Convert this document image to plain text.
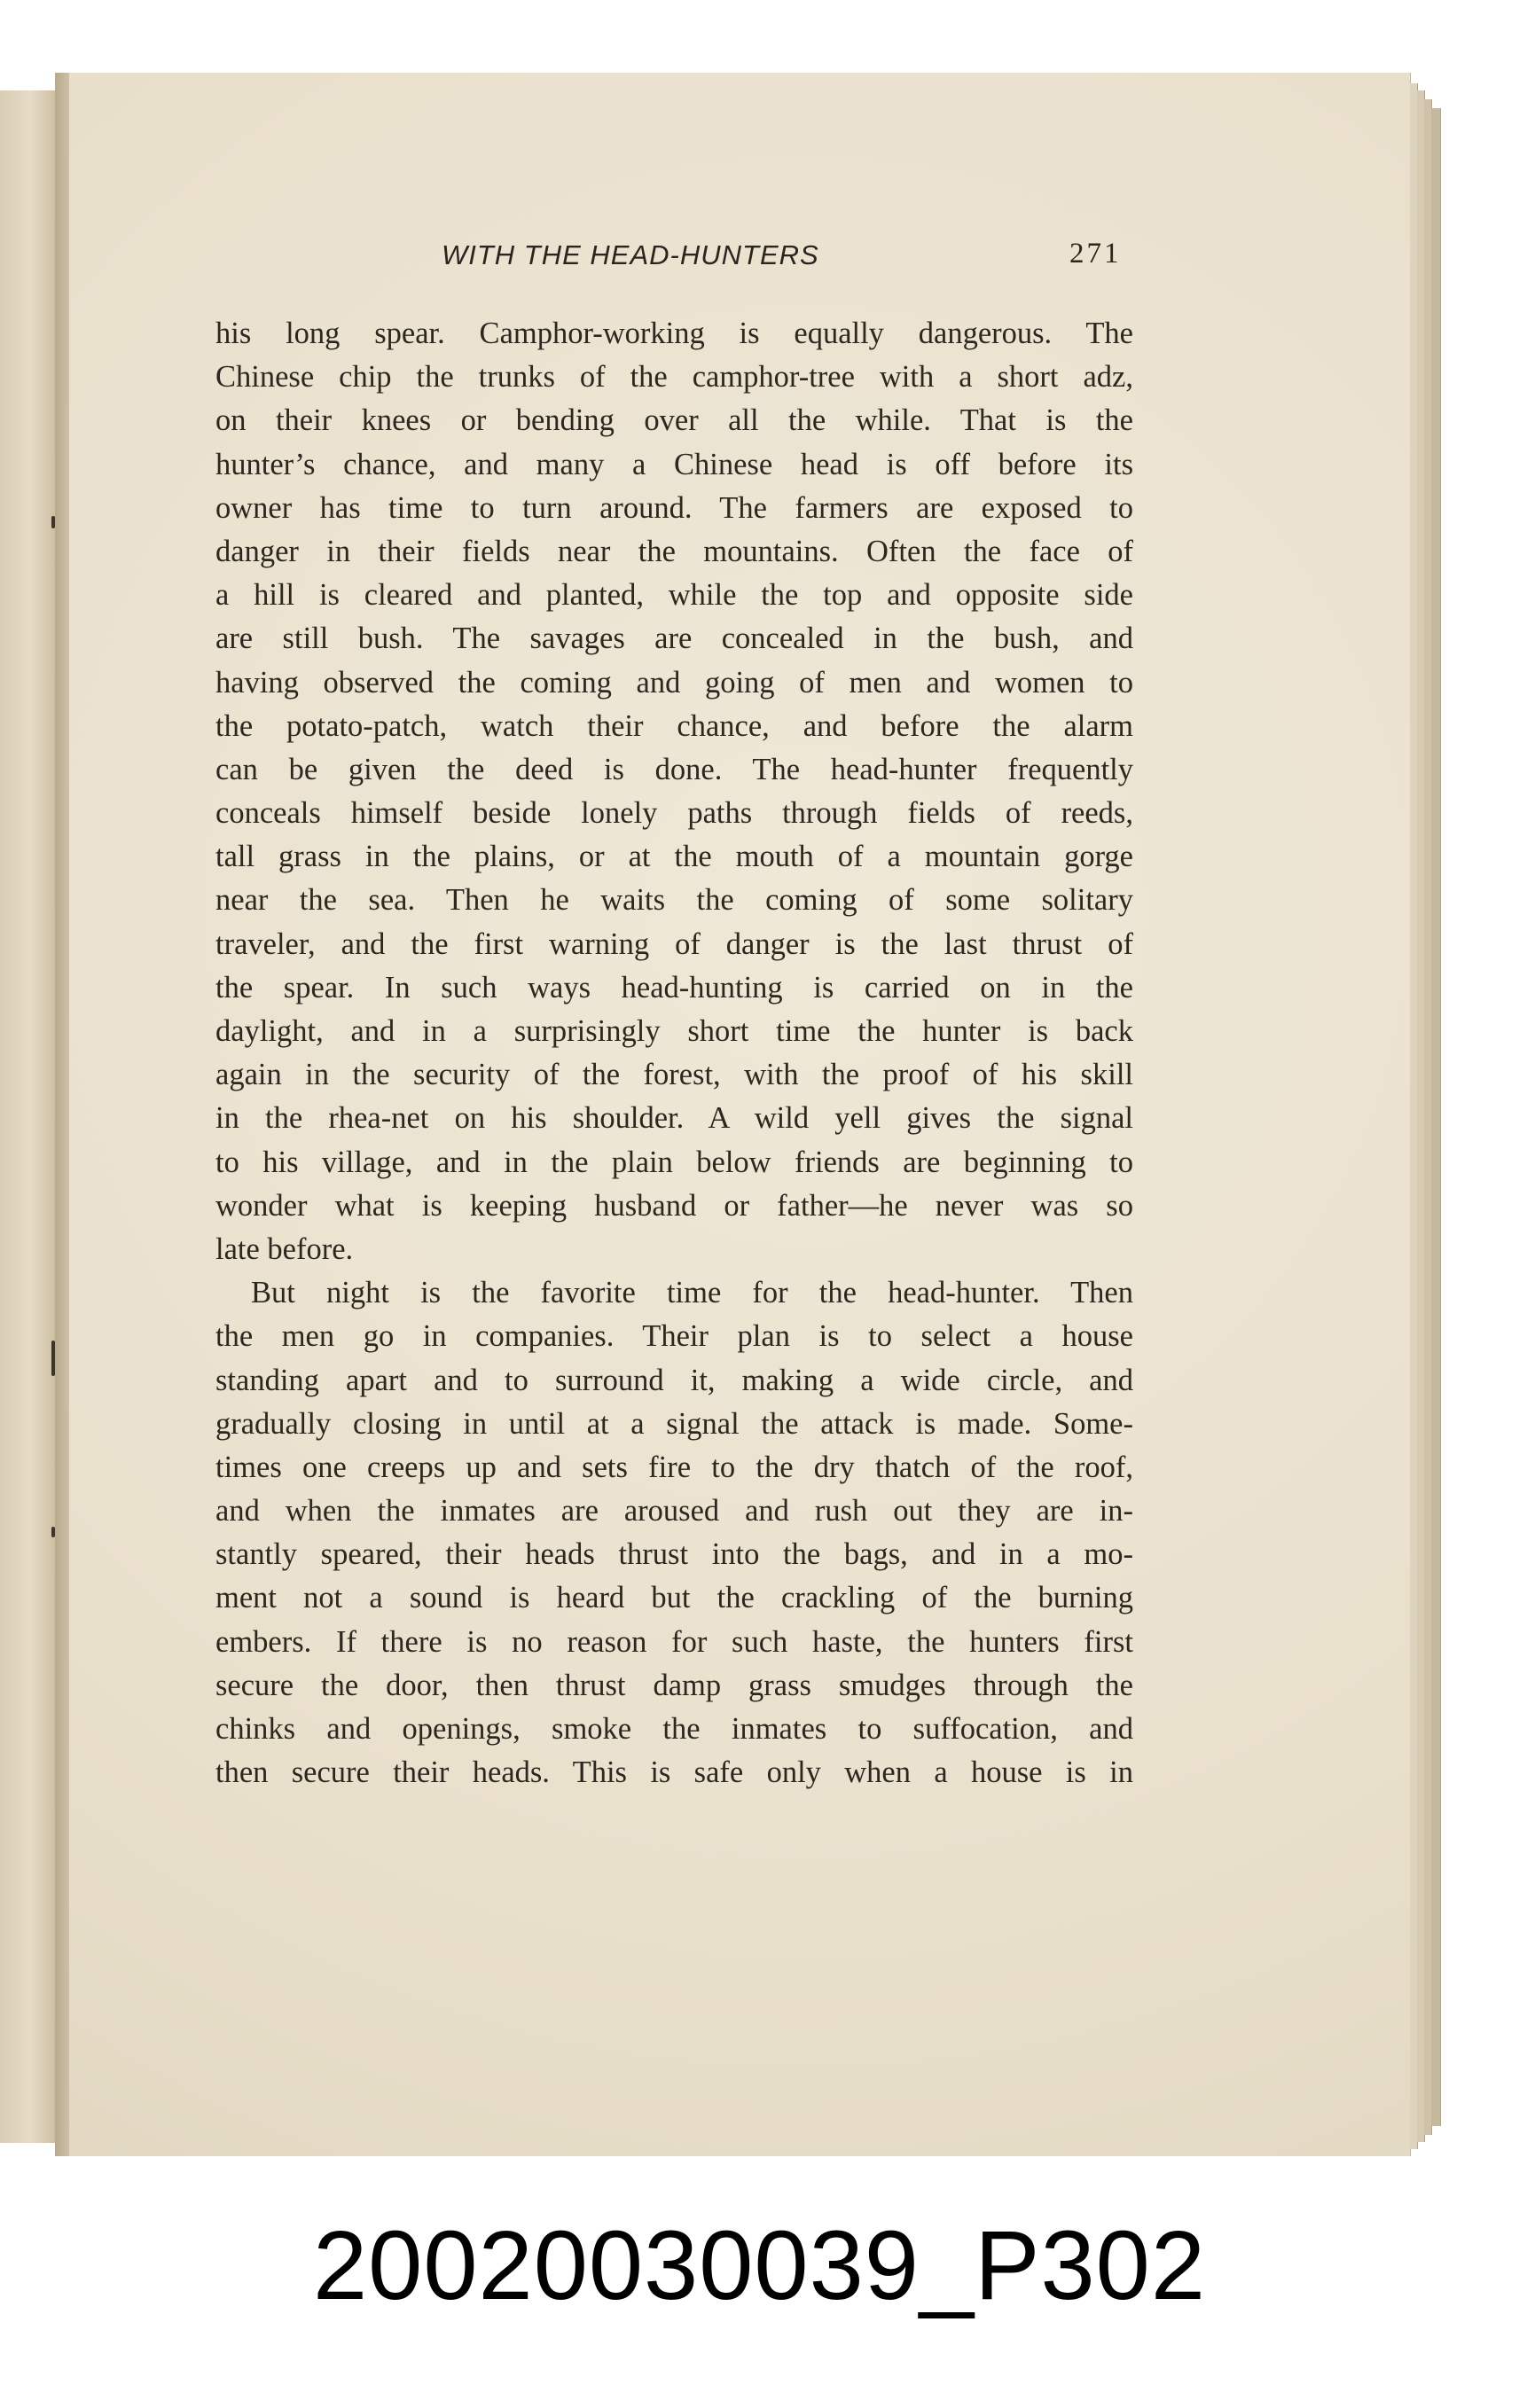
WITH THE HEAD-HUNTERS	271
his long spear. Camphor-working is equally dangerous. The
Chinese chip the trunks of the camphor-tree with a short adz,
on their knees or bending over all the while. That is the
hunter’s chance, and many a Chinese head is off before its
owner has time to turn around. The farmers are exposed to
danger in their fields near the mountains. Often the face of
a hill is cleared and planted, while the top and opposite side
are still bush. The savages are concealed in the bush, and
having observed the coming and going of men and women to
the potato-patch, watch their chance, and before the alarm
can be given the deed is done. The head-hunter frequently
conceals himself beside lonely paths through fields of reeds,
tall grass in the plains, or at the mouth of a mountain gorge
near the sea. Then he waits the coming of some solitary
traveler, and the first warning of danger is the last thrust of
the spear. In such ways head-hunting is carried on in the
daylight, and in a surprisingly short time the hunter is back
again in the security of the forest, with the proof of his skill
in the rhea-net on his shoulder. A wild yell gives the signal
to his village, and in the plain below friends are beginning to
wonder what is keeping husband or father—he never was so
late before.
But night is the favorite time for the head-hunter. Then
the men go in companies. Their plan is to select a house
standing apart and to surround it, making a wide circle, and
gradually closing in until at a signal the attack is made. Some-
times one creeps up and sets fire to the dry thatch of the roof,
and when the inmates are aroused and rush out they are in-
stantly speared, their heads thrust into the bags, and in a mo-
ment not a sound is heard but the crackling of the burning
embers. If there is no reason for such haste, the hunters first
secure the door, then thrust damp grass smudges through the
chinks and openings, smoke the inmates to suffocation, and
then secure their heads. This is safe only when a house is in
20020030039_P302
